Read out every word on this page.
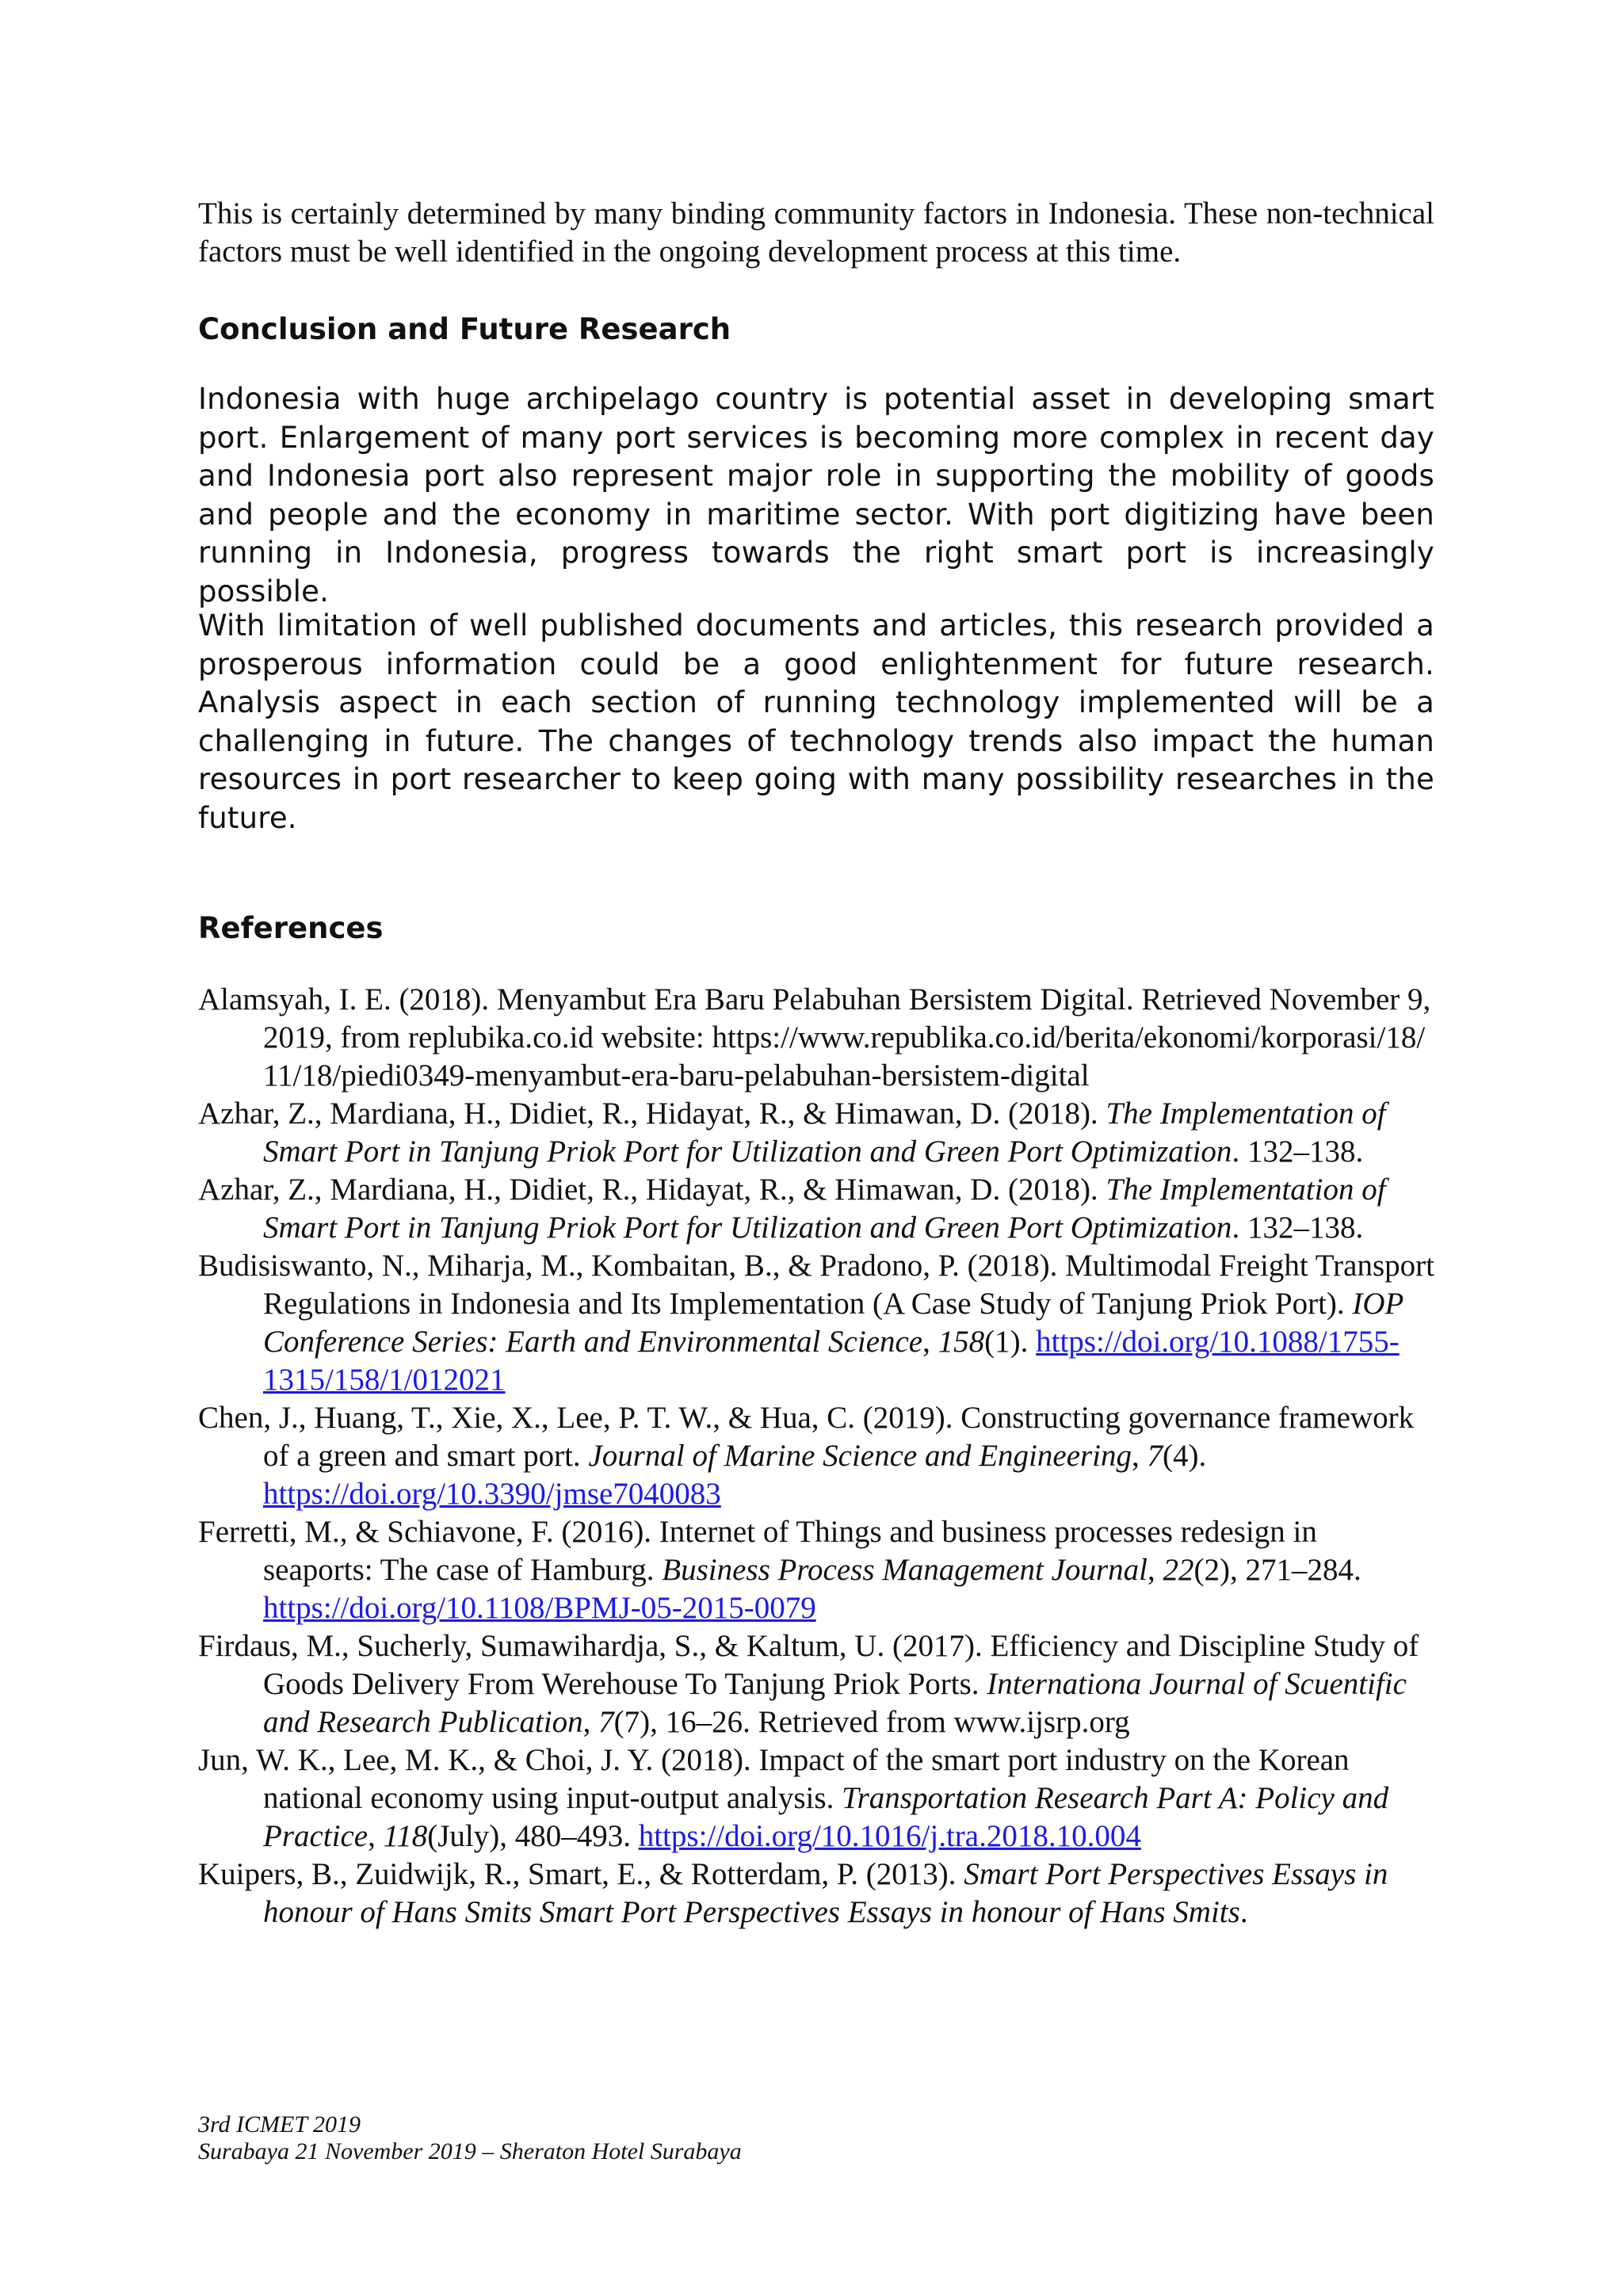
This is certainly determined by many binding community factors in Indonesia. These non-technical factors must be well identified in the ongoing development process at this time.

Conclusion and Future Research

Indonesia with huge archipelago country is potential asset in developing smart port. Enlargement of many port services is becoming more complex in recent day and Indonesia port also represent major role in supporting the mobility of goods and people and the economy in maritime sector. With port digitizing have been running in Indonesia, progress towards the right smart port is increasingly possible.

With limitation of well published documents and articles, this research provided a prosperous information could be a good enlightenment for future research. Analysis aspect in each section of running technology implemented will be a challenging in future. The changes of technology trends also impact the human resources in port researcher to keep going with many possibility researches in the future.

References

Alamsyah, I. E. (2018). Menyambut Era Baru Pelabuhan Bersistem Digital. Retrieved November 9, 2019, from replubika.co.id website: https://www.republika.co.id/berita/ekonomi/korporasi/18/11/18/piedi0349-menyambut-era-baru-pelabuhan-bersistem-digital

Azhar, Z., Mardiana, H., Didiet, R., Hidayat, R., & Himawan, D. (2018). The Implementation of Smart Port in Tanjung Priok Port for Utilization and Green Port Optimization. 132–138.

Azhar, Z., Mardiana, H., Didiet, R., Hidayat, R., & Himawan, D. (2018). The Implementation of Smart Port in Tanjung Priok Port for Utilization and Green Port Optimization. 132–138.

Budisiswanto, N., Miharja, M., Kombaitan, B., & Pradono, P. (2018). Multimodal Freight Transport Regulations in Indonesia and Its Implementation (A Case Study of Tanjung Priok Port). IOP Conference Series: Earth and Environmental Science, 158(1). https://doi.org/10.1088/1755-1315/158/1/012021

Chen, J., Huang, T., Xie, X., Lee, P. T. W., & Hua, C. (2019). Constructing governance framework of a green and smart port. Journal of Marine Science and Engineering, 7(4). https://doi.org/10.3390/jmse7040083

Ferretti, M., & Schiavone, F. (2016). Internet of Things and business processes redesign in seaports: The case of Hamburg. Business Process Management Journal, 22(2), 271–284. https://doi.org/10.1108/BPMJ-05-2015-0079

Firdaus, M., Sucherly, Sumawihardja, S., & Kaltum, U. (2017). Efficiency and Discipline Study of Goods Delivery From Werehouse To Tanjung Priok Ports. Internationa Journal of Scuentific and Research Publication, 7(7), 16–26. Retrieved from www.ijsrp.org

Jun, W. K., Lee, M. K., & Choi, J. Y. (2018). Impact of the smart port industry on the Korean national economy using input-output analysis. Transportation Research Part A: Policy and Practice, 118(July), 480–493. https://doi.org/10.1016/j.tra.2018.10.004

Kuipers, B., Zuidwijk, R., Smart, E., & Rotterdam, P. (2013). Smart Port Perspectives Essays in honour of Hans Smits Smart Port Perspectives Essays in honour of Hans Smits.

3rd ICMET 2019
Surabaya 21 November 2019 – Sheraton Hotel Surabaya
